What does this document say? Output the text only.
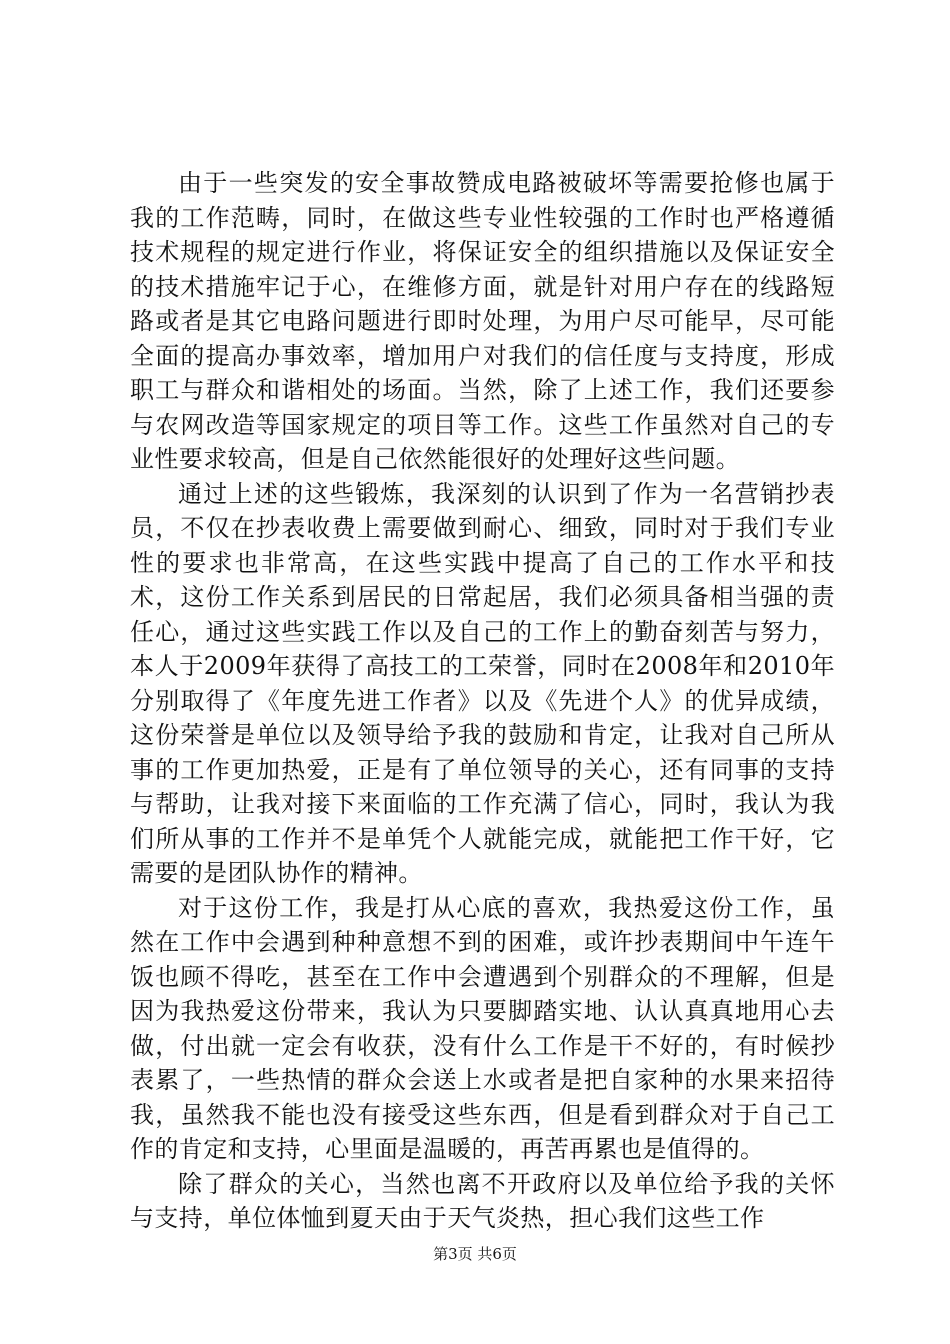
由于一些突发的安全事故赞成电路被破坏等需要抢修也属于我的工作范畴，同时，在做这些专业性较强的工作时也严格遵循技术规程的规定进行作业，将保证安全的组织措施以及保证安全的技术措施牢记于心，在维修方面，就是针对用户存在的线路短路或者是其它电路问题进行即时处理，为用户尽可能早，尽可能全面的提高办事效率，增加用户对我们的信任度与支持度，形成职工与群众和谐相处的场面。当然，除了上述工作，我们还要参与农网改造等国家规定的项目等工作。这些工作虽然对自己的专业性要求较高，但是自己依然能很好的处理好这些问题。

通过上述的这些锻炼，我深刻的认识到了作为一名营销抄表员，不仅在抄表收费上需要做到耐心、细致，同时对于我们专业性的要求也非常高，在这些实践中提高了自己的工作水平和技术，这份工作关系到居民的日常起居，我们必须具备相当强的责任心，通过这些实践工作以及自己的工作上的勤奋刻苦与努力，本人于2009年获得了高技工的工荣誉，同时在2008年和2010年分别取得了《年度先进工作者》以及《先进个人》的优异成绩，这份荣誉是单位以及领导给予我的鼓励和肯定，让我对自己所从事的工作更加热爱，正是有了单位领导的关心，还有同事的支持与帮助，让我对接下来面临的工作充满了信心，同时，我认为我们所从事的工作并不是单凭个人就能完成，就能把工作干好，它需要的是团队协作的精神。

对于这份工作，我是打从心底的喜欢，我热爱这份工作，虽然在工作中会遇到种种意想不到的困难，或许抄表期间中午连午饭也顾不得吃，甚至在工作中会遭遇到个别群众的不理解，但是因为我热爱这份带来，我认为只要脚踏实地、认认真真地用心去做，付出就一定会有收获，没有什么工作是干不好的，有时候抄表累了，一些热情的群众会送上水或者是把自家种的水果来招待我，虽然我不能也没有接受这些东西，但是看到群众对于自己工作的肯定和支持，心里面是温暖的，再苦再累也是值得的。

除了群众的关心，当然也离不开政府以及单位给予我的关怀与支持，单位体恤到夏天由于天气炎热，担心我们这些工作

第3页 共6页
